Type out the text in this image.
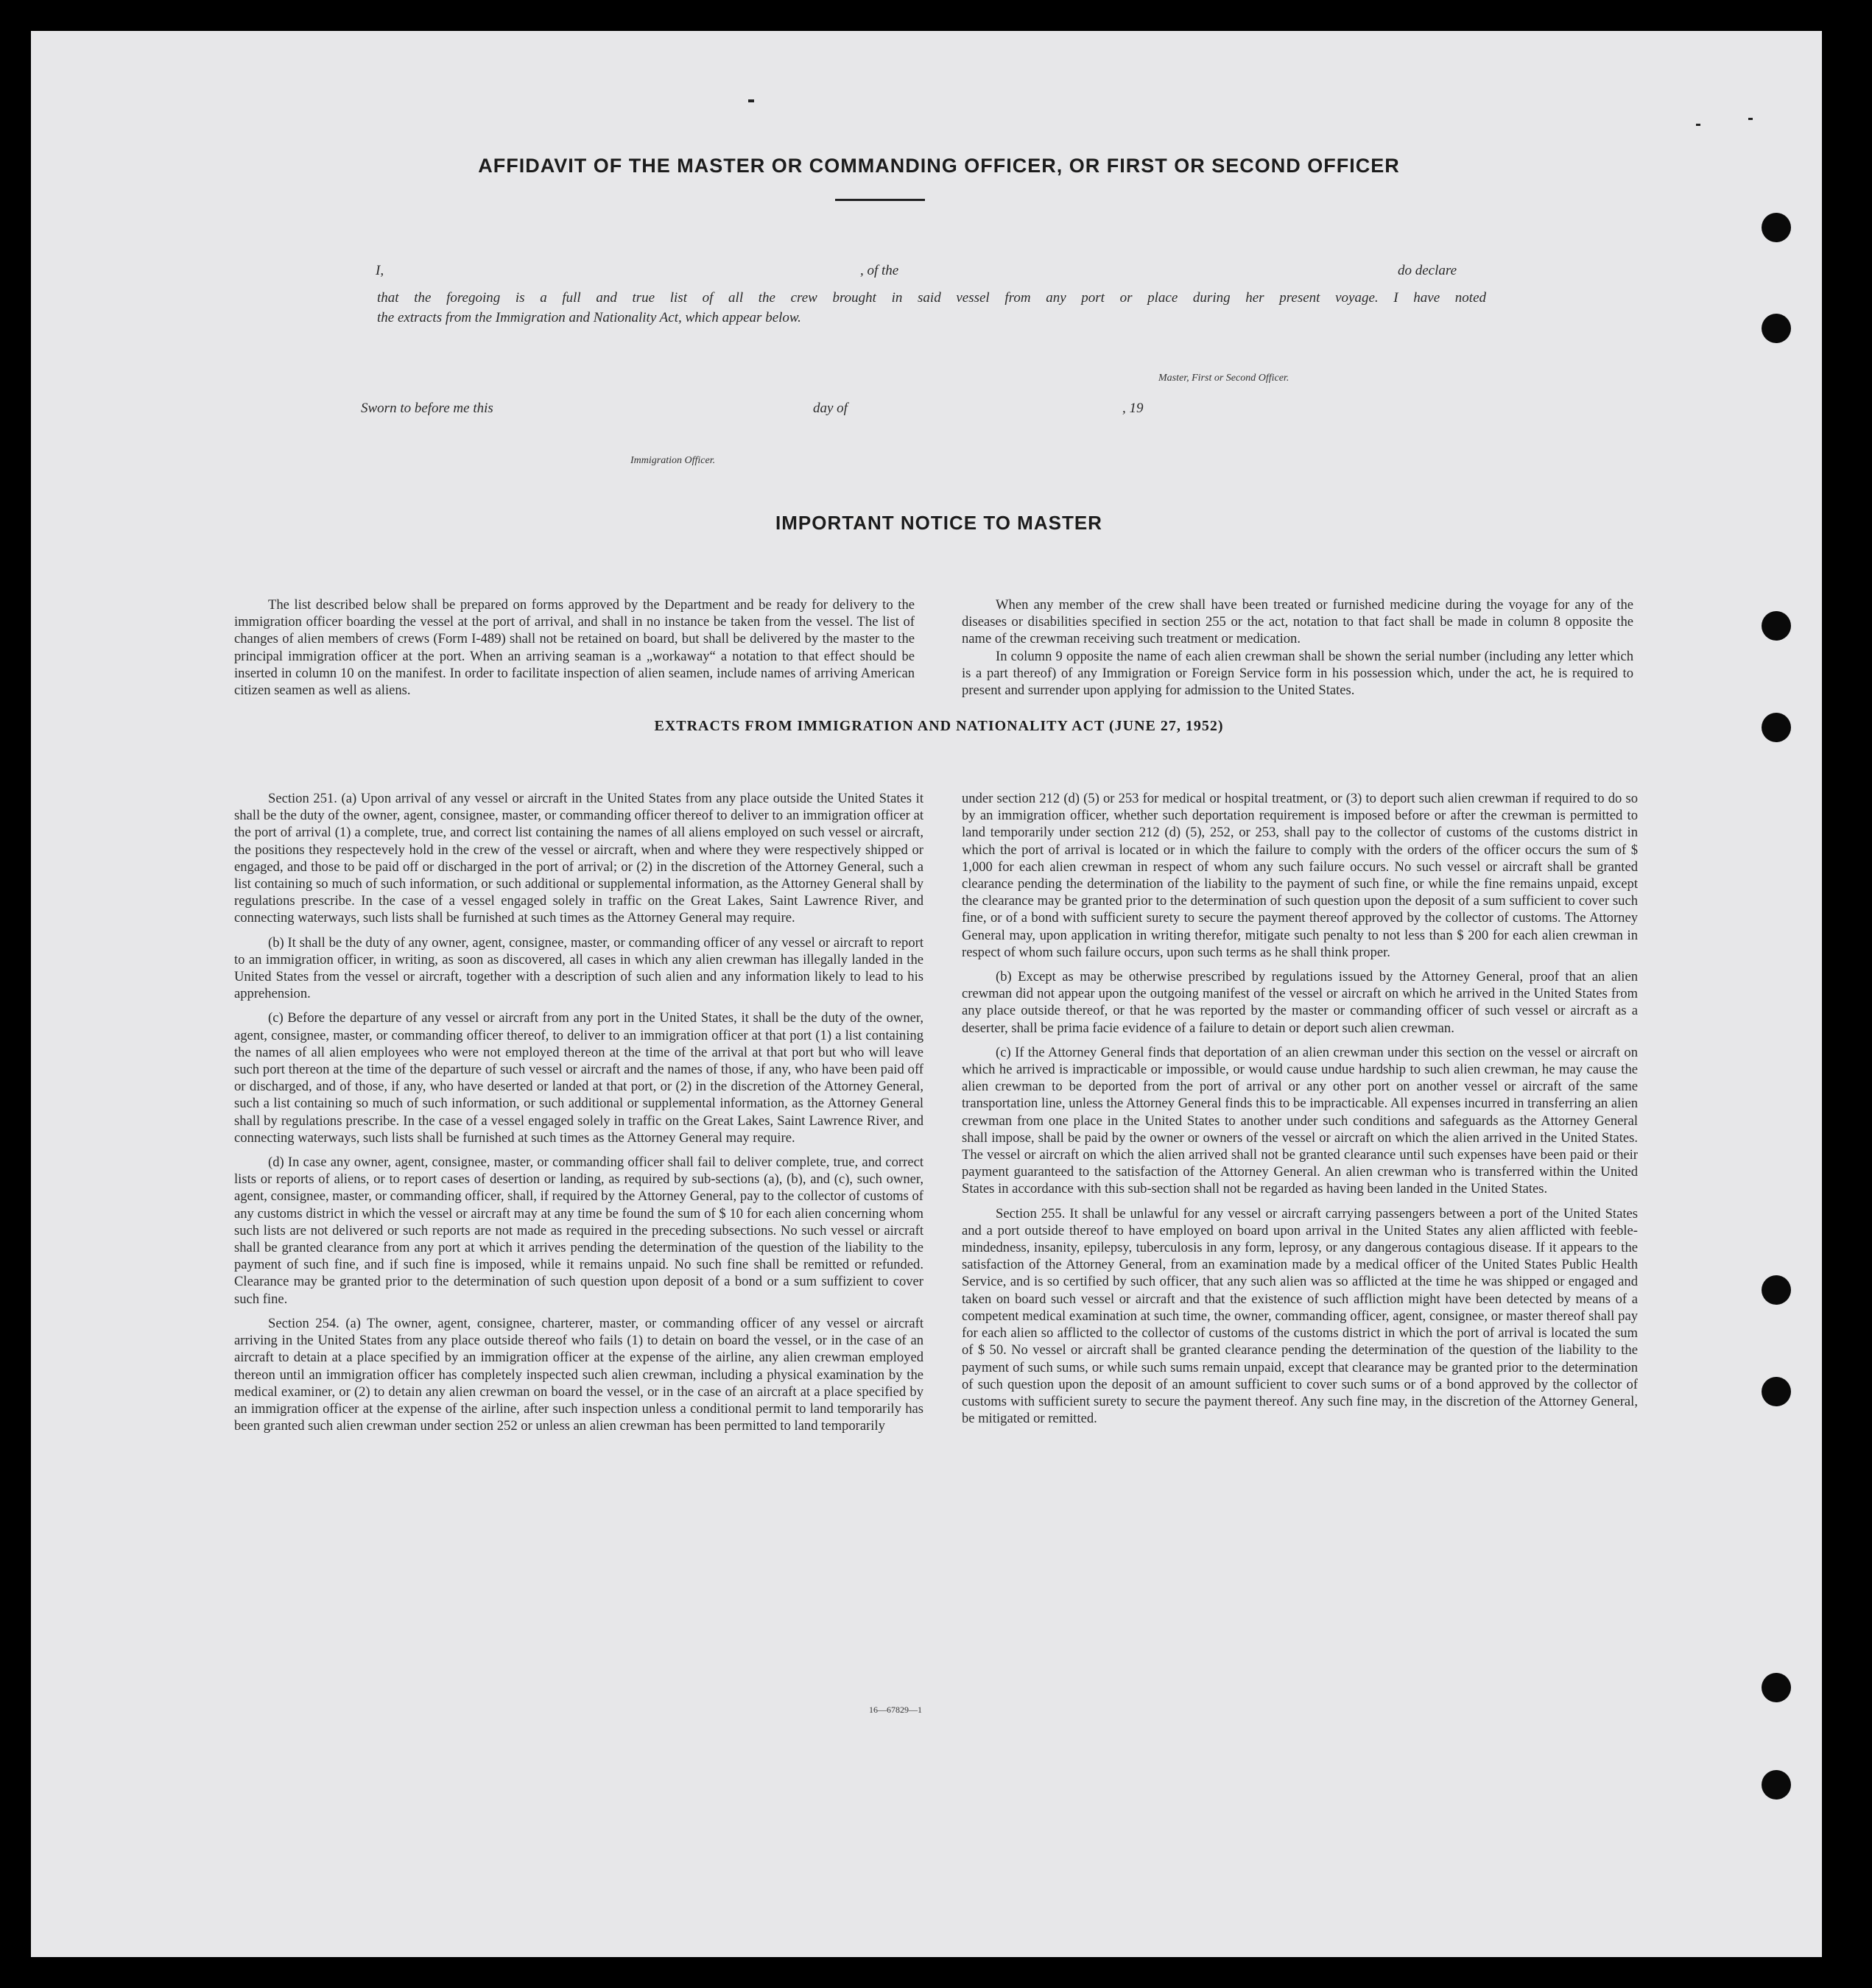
AFFIDAVIT OF THE MASTER OR COMMANDING OFFICER, OR FIRST OR SECOND OFFICER
I,	, of the	do declare
that the foregoing is a full and true list of all the crew brought in said vessel from any port or place during her present voyage. I have noted
the extracts from the Immigration and Nationality Act, which appear below.
Master, First or Second Officer.
Sworn to before me this	day of	, 19
Immigration Officer.
IMPORTANT NOTICE TO MASTER

The list described below shall be prepared on forms approved by the Department and be ready for delivery to the immigration officer boarding the vessel at the port of arrival, and shall in no instance be taken from the vessel. The list of changes of alien members of crews (Form I-489) shall not be retained on board, but shall be delivered by the master to the principal immigration officer at the port. When an arriving seaman is a „workaway“ a notation to that effect should be inserted in column 10 on the manifest. In order to facilitate inspection of alien seamen, include names of arriving American citizen seamen as well as aliens.

When any member of the crew shall have been treated or furnished medicine during the voyage for any of the diseases or disabilities specified in section 255 or the act, notation to that fact shall be made in column 8 opposite the name of the crewman receiving such treatment or medication.

In column 9 opposite the name of each alien crewman shall be shown the serial number (including any letter which is a part thereof) of any Immigration or Foreign Service form in his possession which, under the act, he is required to present and surrender upon applying for admission to the United States.

EXTRACTS FROM IMMIGRATION AND NATIONALITY ACT (JUNE 27, 1952)

Section 251. (a) Upon arrival of any vessel or aircraft in the United States from any place outside the United States it shall be the duty of the owner, agent, consignee, master, or commanding officer thereof to deliver to an immigration officer at the port of arrival (1) a complete, true, and correct list containing the names of all aliens employed on such vessel or aircraft, the positions they respectevely hold in the crew of the vessel or aircraft, when and where they were respectively shipped or engaged, and those to be paid off or discharged in the port of arrival; or (2) in the discretion of the Attorney General, such a list containing so much of such information, or such additional or supplemental information, as the Attorney General shall by regulations prescribe. In the case of a vessel engaged solely in traffic on the Great Lakes, Saint Lawrence River, and connecting waterways, such lists shall be furnished at such times as the Attorney General may require.

(b) It shall be the duty of any owner, agent, consignee, master, or commanding officer of any vessel or aircraft to report to an immigration officer, in writing, as soon as discovered, all cases in which any alien crewman has illegally landed in the United States from the vessel or aircraft, together with a description of such alien and any information likely to lead to his apprehension.

(c) Before the departure of any vessel or aircraft from any port in the United States, it shall be the duty of the owner, agent, consignee, master, or commanding officer thereof, to deliver to an immigration officer at that port (1) a list containing the names of all alien employees who were not employed thereon at the time of the arrival at that port but who will leave such port thereon at the time of the departure of such vessel or aircraft and the names of those, if any, who have been paid off or discharged, and of those, if any, who have deserted or landed at that port, or (2) in the discretion of the Attorney General, such a list containing so much of such information, or such additional or supplemental information, as the Attorney General shall by regulations prescribe. In the case of a vessel engaged solely in traffic on the Great Lakes, Saint Lawrence River, and connecting waterways, such lists shall be furnished at such times as the Attorney General may require.

(d) In case any owner, agent, consignee, master, or commanding officer shall fail to deliver complete, true, and correct lists or reports of aliens, or to report cases of desertion or landing, as required by sub-sections (a), (b), and (c), such owner, agent, consignee, master, or commanding officer, shall, if required by the Attorney General, pay to the collector of customs of any customs district in which the vessel or aircraft may at any time be found the sum of $ 10 for each alien concerning whom such lists are not delivered or such reports are not made as required in the preceding subsections. No such vessel or aircraft shall be granted clearance from any port at which it arrives pending the determination of the question of the liability to the payment of such fine, and if such fine is imposed, while it remains unpaid. No such fine shall be remitted or refunded. Clearance may be granted prior to the determination of such question upon deposit of a bond or a sum suffizient to cover such fine.

Section 254. (a) The owner, agent, consignee, charterer, master, or commanding officer of any vessel or aircraft arriving in the United States from any place outside thereof who fails (1) to detain on board the vessel, or in the case of an aircraft to detain at a place specified by an immigration officer at the expense of the airline, any alien crewman employed thereon until an immigration officer has completely inspected such alien crewman, including a physical examination by the medical examiner, or (2) to detain any alien crewman on board the vessel, or in the case of an aircraft at a place specified by an immigration officer at the expense of the airline, after such inspection unless a conditional permit to land temporarily has been granted such alien crewman under section 252 or unless an alien crewman has been permitted to land temporarily

under section 212 (d) (5) or 253 for medical or hospital treatment, or (3) to deport such alien crewman if required to do so by an immigration officer, whether such deportation requirement is imposed before or after the crewman is permitted to land temporarily under section 212 (d) (5), 252, or 253, shall pay to the collector of customs of the customs district in which the port of arrival is located or in which the failure to comply with the orders of the officer occurs the sum of $ 1,000 for each alien crewman in respect of whom any such failure occurs. No such vessel or aircraft shall be granted clearance pending the determination of the liability to the payment of such fine, or while the fine remains unpaid, except the clearance may be granted prior to the determination of such question upon the deposit of a sum sufficient to cover such fine, or of a bond with sufficient surety to secure the payment thereof approved by the collector of customs. The Attorney General may, upon application in writing therefor, mitigate such penalty to not less than $ 200 for each alien crewman in respect of whom such failure occurs, upon such terms as he shall think proper.

(b) Except as may be otherwise prescribed by regulations issued by the Attorney General, proof that an alien crewman did not appear upon the outgoing manifest of the vessel or aircraft on which he arrived in the United States from any place outside thereof, or that he was reported by the master or commanding officer of such vessel or aircraft as a deserter, shall be prima facie evidence of a failure to detain or deport such alien crewman.

(c) If the Attorney General finds that deportation of an alien crewman under this section on the vessel or aircraft on which he arrived is impracticable or impossible, or would cause undue hardship to such alien crewman, he may cause the alien crewman to be deported from the port of arrival or any other port on another vessel or aircraft of the same transportation line, unless the Attorney General finds this to be impracticable. All expenses incurred in transferring an alien crewman from one place in the United States to another under such conditions and safeguards as the Attorney General shall impose, shall be paid by the owner or owners of the vessel or aircraft on which the alien arrived in the United States. The vessel or aircraft on which the alien arrived shall not be granted clearance until such expenses have been paid or their payment guaranteed to the satisfaction of the Attorney General. An alien crewman who is transferred within the United States in accordance with this sub-section shall not be regarded as having been landed in the United States.

Section 255. It shall be unlawful for any vessel or aircraft carrying passengers between a port of the United States and a port outside thereof to have employed on board upon arrival in the United States any alien afflicted with feeble-mindedness, insanity, epilepsy, tuberculosis in any form, leprosy, or any dangerous contagious disease. If it appears to the satisfaction of the Attorney General, from an examination made by a medical officer of the United States Public Health Service, and is so certified by such officer, that any such alien was so afflicted at the time he was shipped or engaged and taken on board such vessel or aircraft and that the existence of such affliction might have been detected by means of a competent medical examination at such time, the owner, commanding officer, agent, consignee, or master thereof shall pay for each alien so afflicted to the collector of customs of the customs district in which the port of arrival is located the sum of $ 50. No vessel or aircraft shall be granted clearance pending the determination of the question of the liability to the payment of such sums, or while such sums remain unpaid, except that clearance may be granted prior to the determination of such question upon the deposit of an amount sufficient to cover such sums or of a bond approved by the collector of customs with sufficient surety to secure the payment thereof. Any such fine may, in the discretion of the Attorney General, be mitigated or remitted.

16—67829—1
